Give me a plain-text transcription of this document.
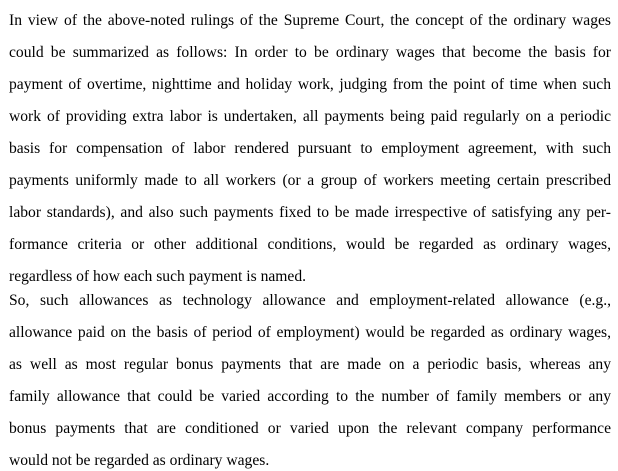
In view of the above-noted rulings of the Supreme Court, the concept of the ordinary wages
could be summarized as follows: In order to be ordinary wages that become the basis for
payment of overtime, nighttime and holiday work, judging from the point of time when such
work of providing extra labor is undertaken, all payments being paid regularly on a periodic
basis for compensation of labor rendered pursuant to employment agreement, with such
payments uniformly made to all workers (or a group of workers meeting certain prescribed
labor standards), and also such payments fixed to be made irrespective of satisfying any per-
formance criteria or other additional conditions, would be regarded as ordinary wages,
regardless of how each such payment is named.
So, such allowances as technology allowance and employment-related allowance (e.g.,
allowance paid on the basis of period of employment) would be regarded as ordinary wages,
as well as most regular bonus payments that are made on a periodic basis, whereas any
family allowance that could be varied according to the number of family members or any
bonus payments that are conditioned or varied upon the relevant company performance
would not be regarded as ordinary wages.
